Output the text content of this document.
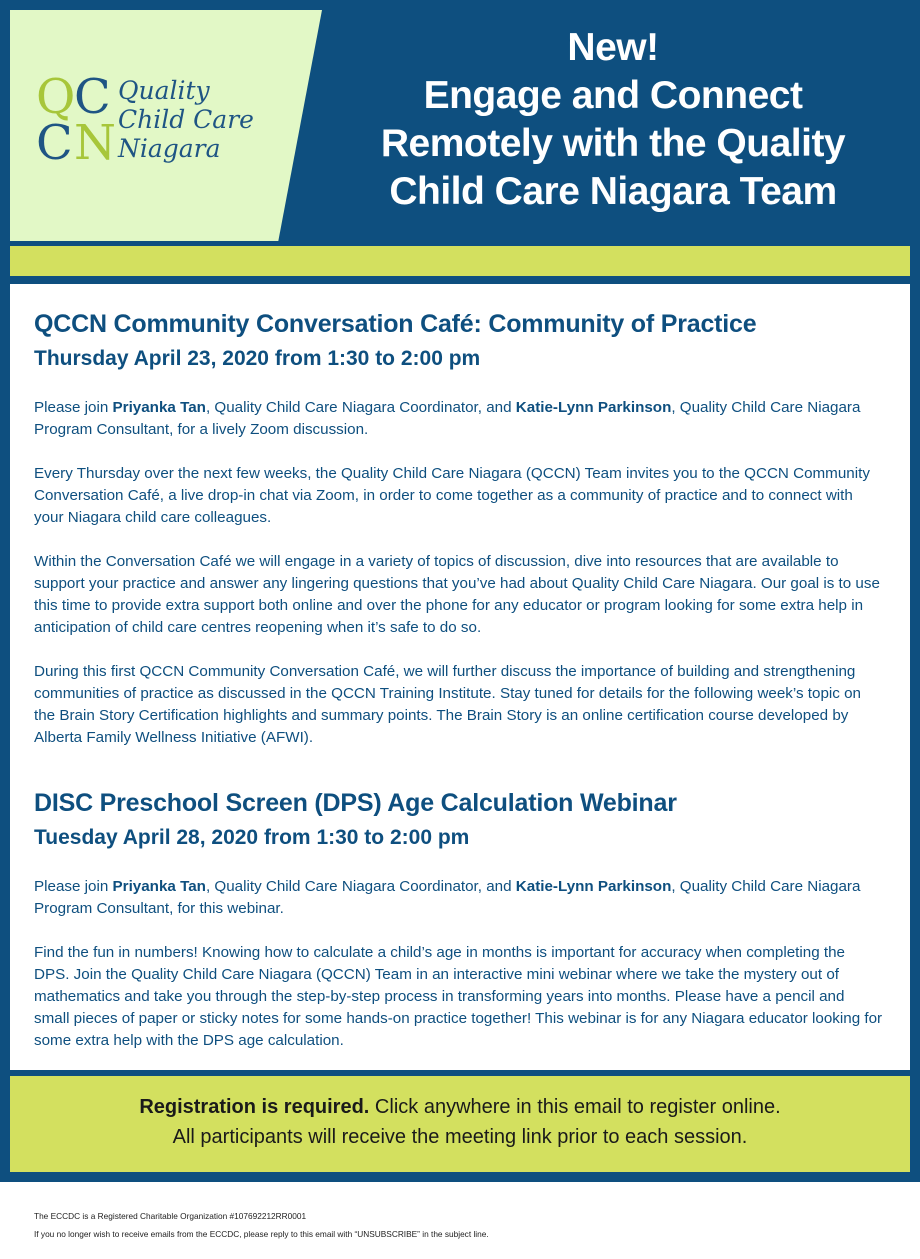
Q
C
C N
Quality
Child Care
Niagara
New!
Engage and Connect
Remotely with the Quality
Child Care Niagara Team
QCCN Community Conversation Café: Community of Practice
Thursday April 23, 2020 from 1:30 to 2:00 pm

Please join Priyanka Tan, Quality Child Care Niagara Coordinator, and Katie-Lynn Parkinson, Quality Child Care Niagara Program Consultant, for a lively Zoom discussion.

Every Thursday over the next few weeks, the Quality Child Care Niagara (QCCN) Team invites you to the QCCN Community Conversation Café, a live drop-in chat via Zoom, in order to come together as a community of practice and to connect with your Niagara child care colleagues.

Within the Conversation Café we will engage in a variety of topics of discussion, dive into resources that are available to support your practice and answer any lingering questions that you’ve had about Quality Child Care Niagara. Our goal is to use this time to provide extra support both online and over the phone for any educator or program looking for some extra help in anticipation of child care centres reopening when it’s safe to do so.

During this first QCCN Community Conversation Café, we will further discuss the importance of building and strengthening communities of practice as discussed in the QCCN Training Institute. Stay tuned for details for the following week’s topic on the Brain Story Certification highlights and summary points. The Brain Story is an online certification course developed by Alberta Family Wellness Initiative (AFWI).

DISC Preschool Screen (DPS) Age Calculation Webinar
Tuesday April 28, 2020 from 1:30 to 2:00 pm

Please join Priyanka Tan, Quality Child Care Niagara Coordinator, and Katie-Lynn Parkinson, Quality Child Care Niagara Program Consultant, for this webinar.

Find the fun in numbers! Knowing how to calculate a child’s age in months is important for accuracy when completing the DPS. Join the Quality Child Care Niagara (QCCN) Team in an interactive mini webinar where we take the mystery out of mathematics and take you through the step-by-step process in transforming years into months. Please have a pencil and small pieces of paper or sticky notes for some hands-on practice together! This webinar is for any Niagara educator looking for some extra help with the DPS age calculation.

Registration is required. Click anywhere in this email to register online.
All participants will receive the meeting link prior to each session.
The ECCDC is a Registered Charitable Organization #107692212RR0001
If you no longer wish to receive emails from the ECCDC, please reply to this email with “UNSUBSCRIBE” in the subject line.
